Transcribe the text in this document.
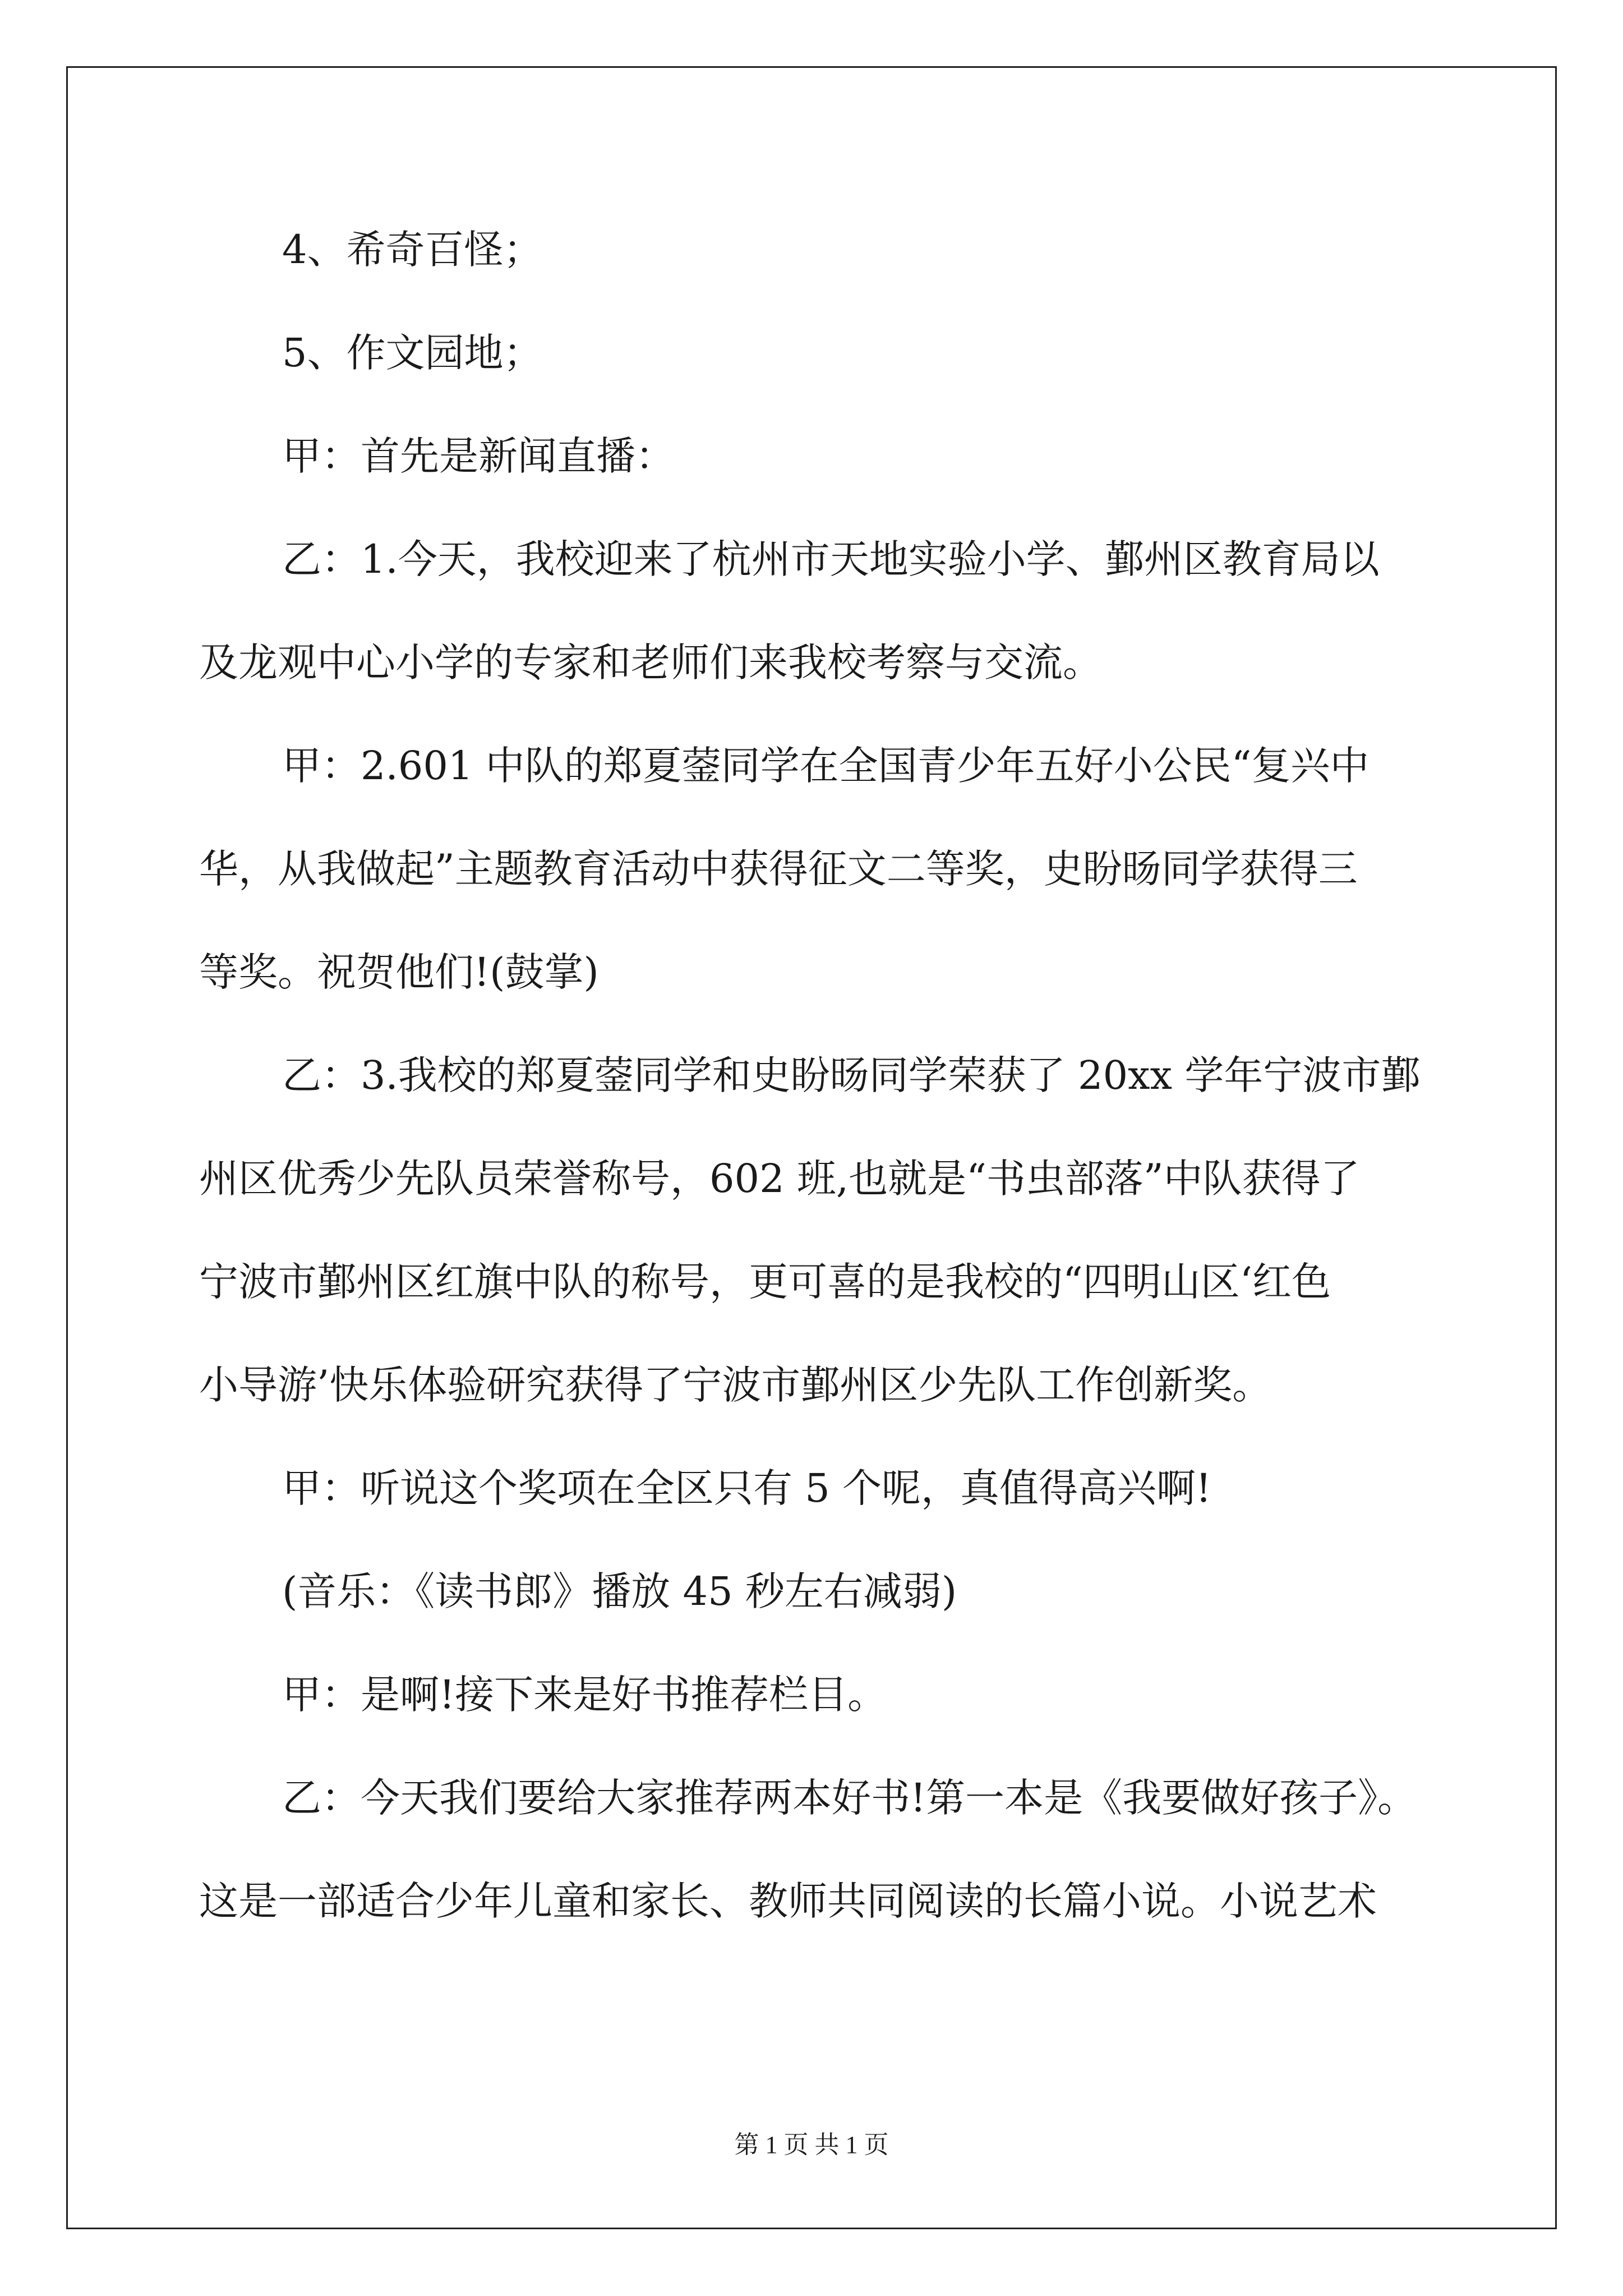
4、希奇百怪；
5、作文园地；
甲：首先是新闻直播：
乙：1.今天，我校迎来了杭州市天地实验小学、鄞州区教育局以
及龙观中心小学的专家和老师们来我校考察与交流。
甲：2.601 中队的郑夏蓥同学在全国青少年五好小公民“复兴中
华，从我做起”主题教育活动中获得征文二等奖，史盼旸同学获得三
等奖。祝贺他们!(鼓掌)
乙：3.我校的郑夏蓥同学和史盼旸同学荣获了 20xx 学年宁波市鄞
州区优秀少先队员荣誉称号，602 班,也就是“书虫部落”中队获得了
宁波市鄞州区红旗中队的称号，更可喜的是我校的“四明山区‘红色
小导游’快乐体验研究获得了宁波市鄞州区少先队工作创新奖。
甲：听说这个奖项在全区只有 5 个呢，真值得高兴啊!
(音乐：《读书郎》播放 45 秒左右减弱)
甲：是啊!接下来是好书推荐栏目。
乙：今天我们要给大家推荐两本好书!第一本是《我要做好孩子》。
这是一部适合少年儿童和家长、教师共同阅读的长篇小说。小说艺术
第 1 页 共 1 页
